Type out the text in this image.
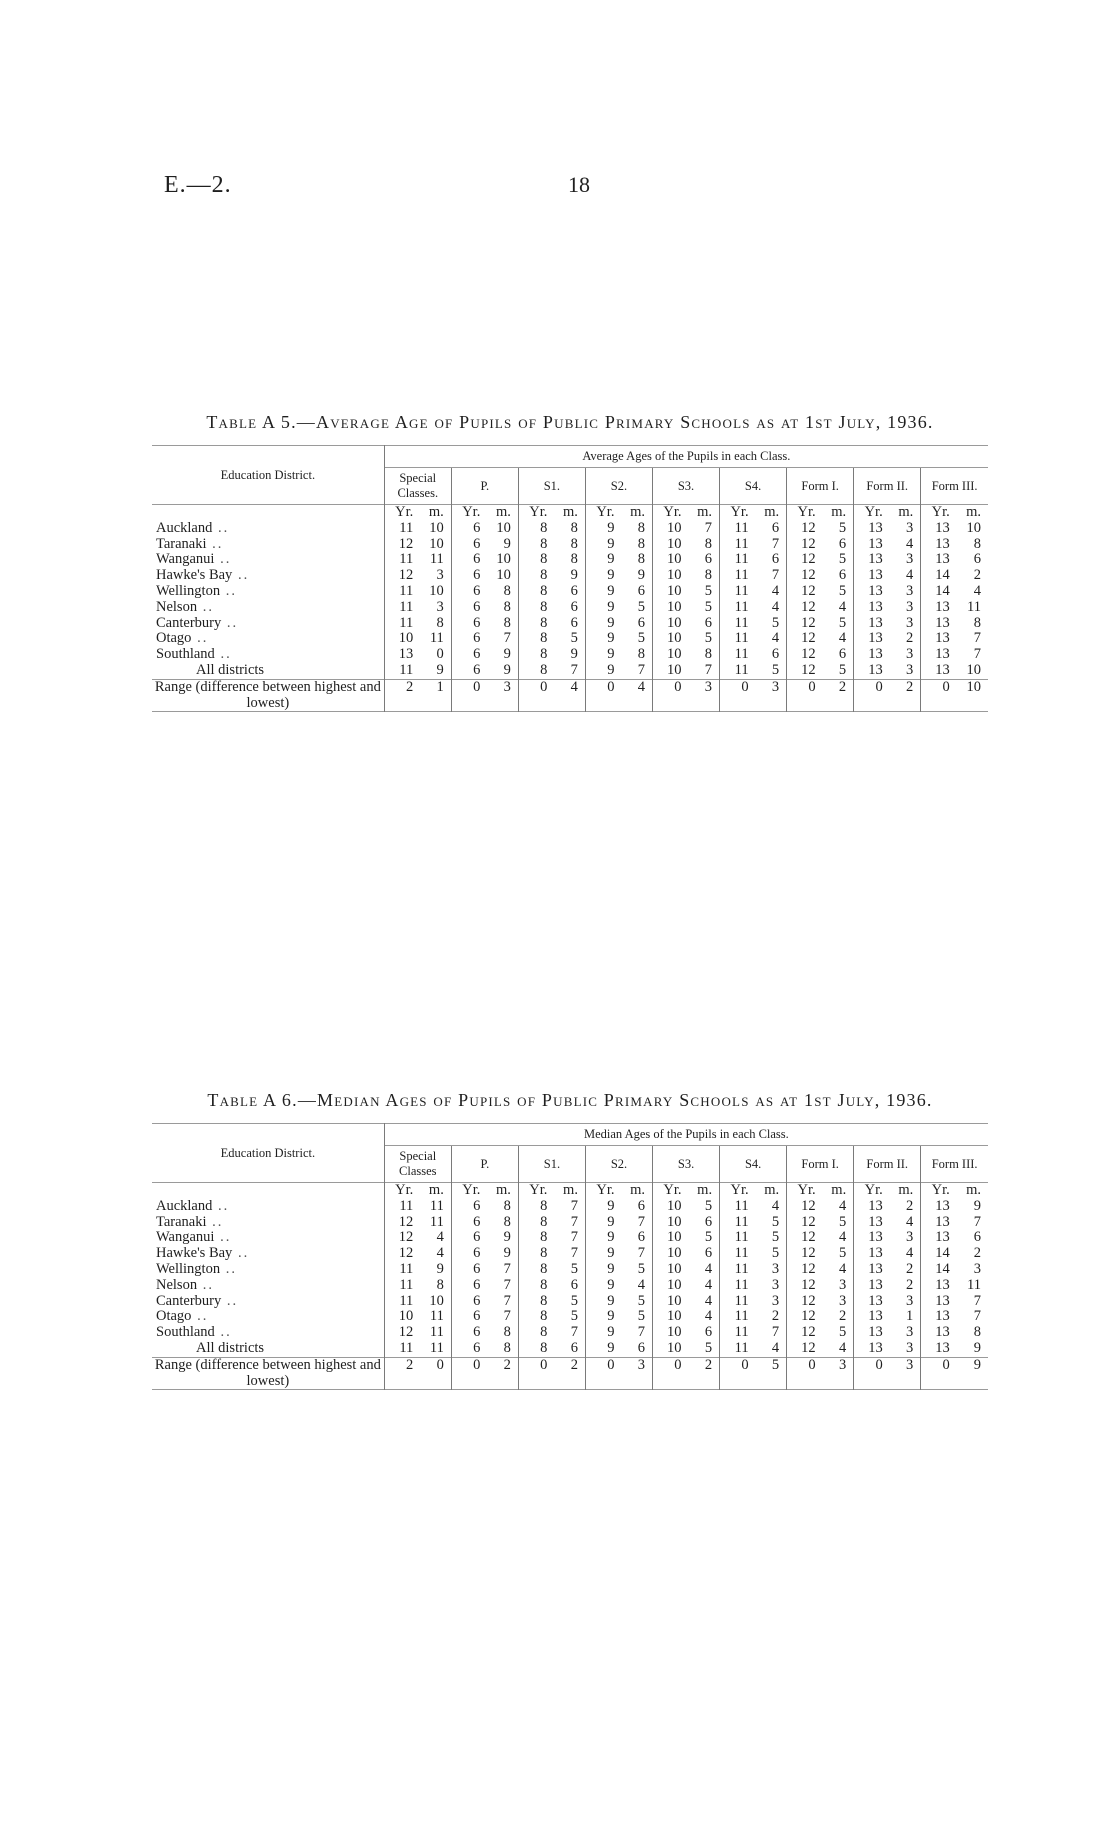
E.—2.	18
Table A 5.—Average Age of Pupils of Public Primary Schools as at 1st July, 1936.
Education District.	Average Ages of the Pupils in each Class.																	
	Special Classes.		P.		S1.		S2.		S3.		S4.		Form I.		Form II.		Form III.	
	Yr.	m.	Yr.	m.	Yr.	m.	Yr.	m.	Yr.	m.	Yr.	m.	Yr.	m.	Yr.	m.	Yr.	m.
Auckland ..	11	10	6	10	8	8	9	8	10	7	11	6	12	5	13	3	13	10
Taranaki ..	12	10	6	9	8	8	9	8	10	8	11	7	12	6	13	4	13	8
Wanganui ..	11	11	6	10	8	8	9	8	10	6	11	6	12	5	13	3	13	6
Hawke's Bay ..	12	3	6	10	8	9	9	9	10	8	11	7	12	6	13	4	14	2
Wellington ..	11	10	6	8	8	6	9	6	10	5	11	4	12	5	13	3	14	4
Nelson ..	11	3	6	8	8	6	9	5	10	5	11	4	12	4	13	3	13	11
Canterbury ..	11	8	6	8	8	6	9	6	10	6	11	5	12	5	13	3	13	8
Otago ..	10	11	6	7	8	5	9	5	10	5	11	4	12	4	13	2	13	7
Southland ..	13	0	6	9	8	9	9	8	10	8	11	6	12	6	13	3	13	7
All districts	11	9	6	9	8	7	9	7	10	7	11	5	12	5	13	3	13	10
Range (difference between highest and lowest)	2	1	0	3	0	4	0	4	0	3	0	3	0	2	0	2	0	10
Table A 6.—Median Ages of Pupils of Public Primary Schools as at 1st July, 1936.
Education District.	Median Ages of the Pupils in each Class.																	
	Special Classes		P.		S1.		S2.		S3.		S4.		Form I.		Form II.		Form III.	
	Yr.	m.	Yr.	m.	Yr.	m.	Yr.	m.	Yr.	m.	Yr.	m.	Yr.	m.	Yr.	m.	Yr.	m.
Auckland ..	11	11	6	8	8	7	9	6	10	5	11	4	12	4	13	2	13	9
Taranaki ..	12	11	6	8	8	7	9	7	10	6	11	5	12	5	13	4	13	7
Wanganui ..	12	4	6	9	8	7	9	6	10	5	11	5	12	4	13	3	13	6
Hawke's Bay ..	12	4	6	9	8	7	9	7	10	6	11	5	12	5	13	4	14	2
Wellington ..	11	9	6	7	8	5	9	5	10	4	11	3	12	4	13	2	14	3
Nelson ..	11	8	6	7	8	6	9	4	10	4	11	3	12	3	13	2	13	11
Canterbury ..	11	10	6	7	8	5	9	5	10	4	11	3	12	3	13	3	13	7
Otago ..	10	11	6	7	8	5	9	5	10	4	11	2	12	2	13	1	13	7
Southland ..	12	11	6	8	8	7	9	7	10	6	11	7	12	5	13	3	13	8
All districts	11	11	6	8	8	6	9	6	10	5	11	4	12	4	13	3	13	9
Range (difference between highest and lowest)	2	0	0	2	0	2	0	3	0	2	0	5	0	3	0	3	0	9
